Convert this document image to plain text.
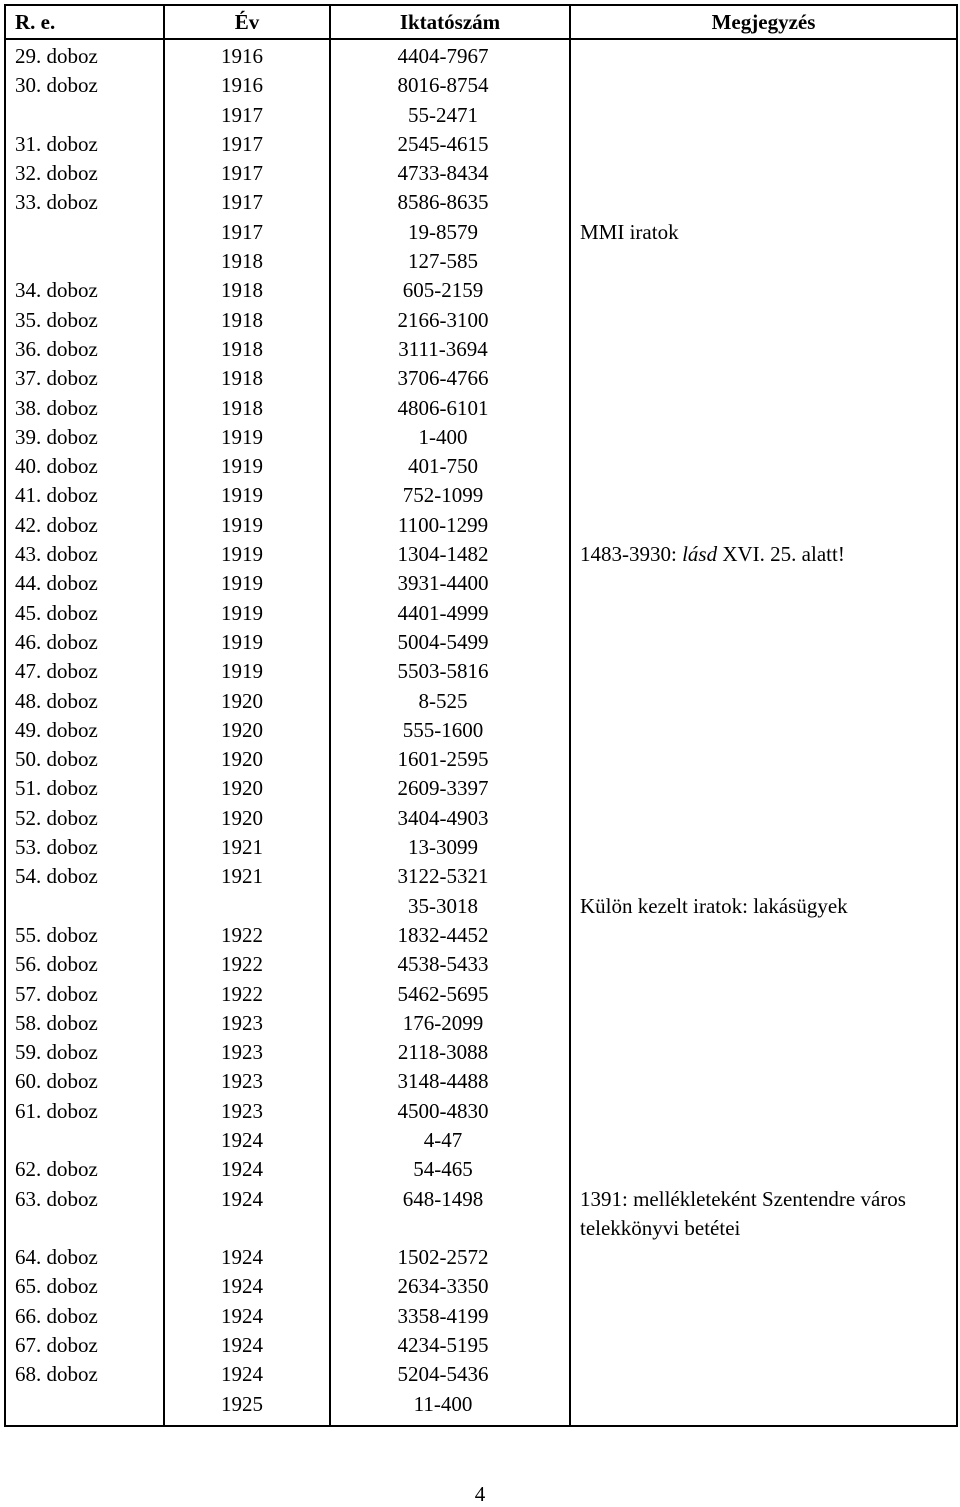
R. e.	Év	Iktatószám	Megjegyzés
29. doboz	1916	4404-7967	
30. doboz	1916	8016-8754	
	1917	55-2471	
31. doboz	1917	2545-4615	
32. doboz	1917	4733-8434	
33. doboz	1917	8586-8635	
	1917	19-8579	MMI iratok
	1918	127-585	
34. doboz	1918	605-2159	
35. doboz	1918	2166-3100	
36. doboz	1918	3111-3694	
37. doboz	1918	3706-4766	
38. doboz	1918	4806-6101	
39. doboz	1919	1-400	
40. doboz	1919	401-750	
41. doboz	1919	752-1099	
42. doboz	1919	1100-1299	
43. doboz	1919	1304-1482	1483-3930: lásd XVI. 25. alatt!
44. doboz	1919	3931-4400	
45. doboz	1919	4401-4999	
46. doboz	1919	5004-5499	
47. doboz	1919	5503-5816	
48. doboz	1920	8-525	
49. doboz	1920	555-1600	
50. doboz	1920	1601-2595	
51. doboz	1920	2609-3397	
52. doboz	1920	3404-4903	
53. doboz	1921	13-3099	
54. doboz	1921	3122-5321	
		35-3018	Külön kezelt iratok: lakásügyek
55. doboz	1922	1832-4452	
56. doboz	1922	4538-5433	
57. doboz	1922	5462-5695	
58. doboz	1923	176-2099	
59. doboz	1923	2118-3088	
60. doboz	1923	3148-4488	
61. doboz	1923	4500-4830	
	1924	4-47	
62. doboz	1924	54-465	
63. doboz	1924	648-1498	1391: mellékleteként Szentendre város telekkönyvi betétei
64. doboz	1924	1502-2572	
65. doboz	1924	2634-3350	
66. doboz	1924	3358-4199	
67. doboz	1924	4234-5195	
68. doboz	1924	5204-5436	
	1925	11-400	
4
